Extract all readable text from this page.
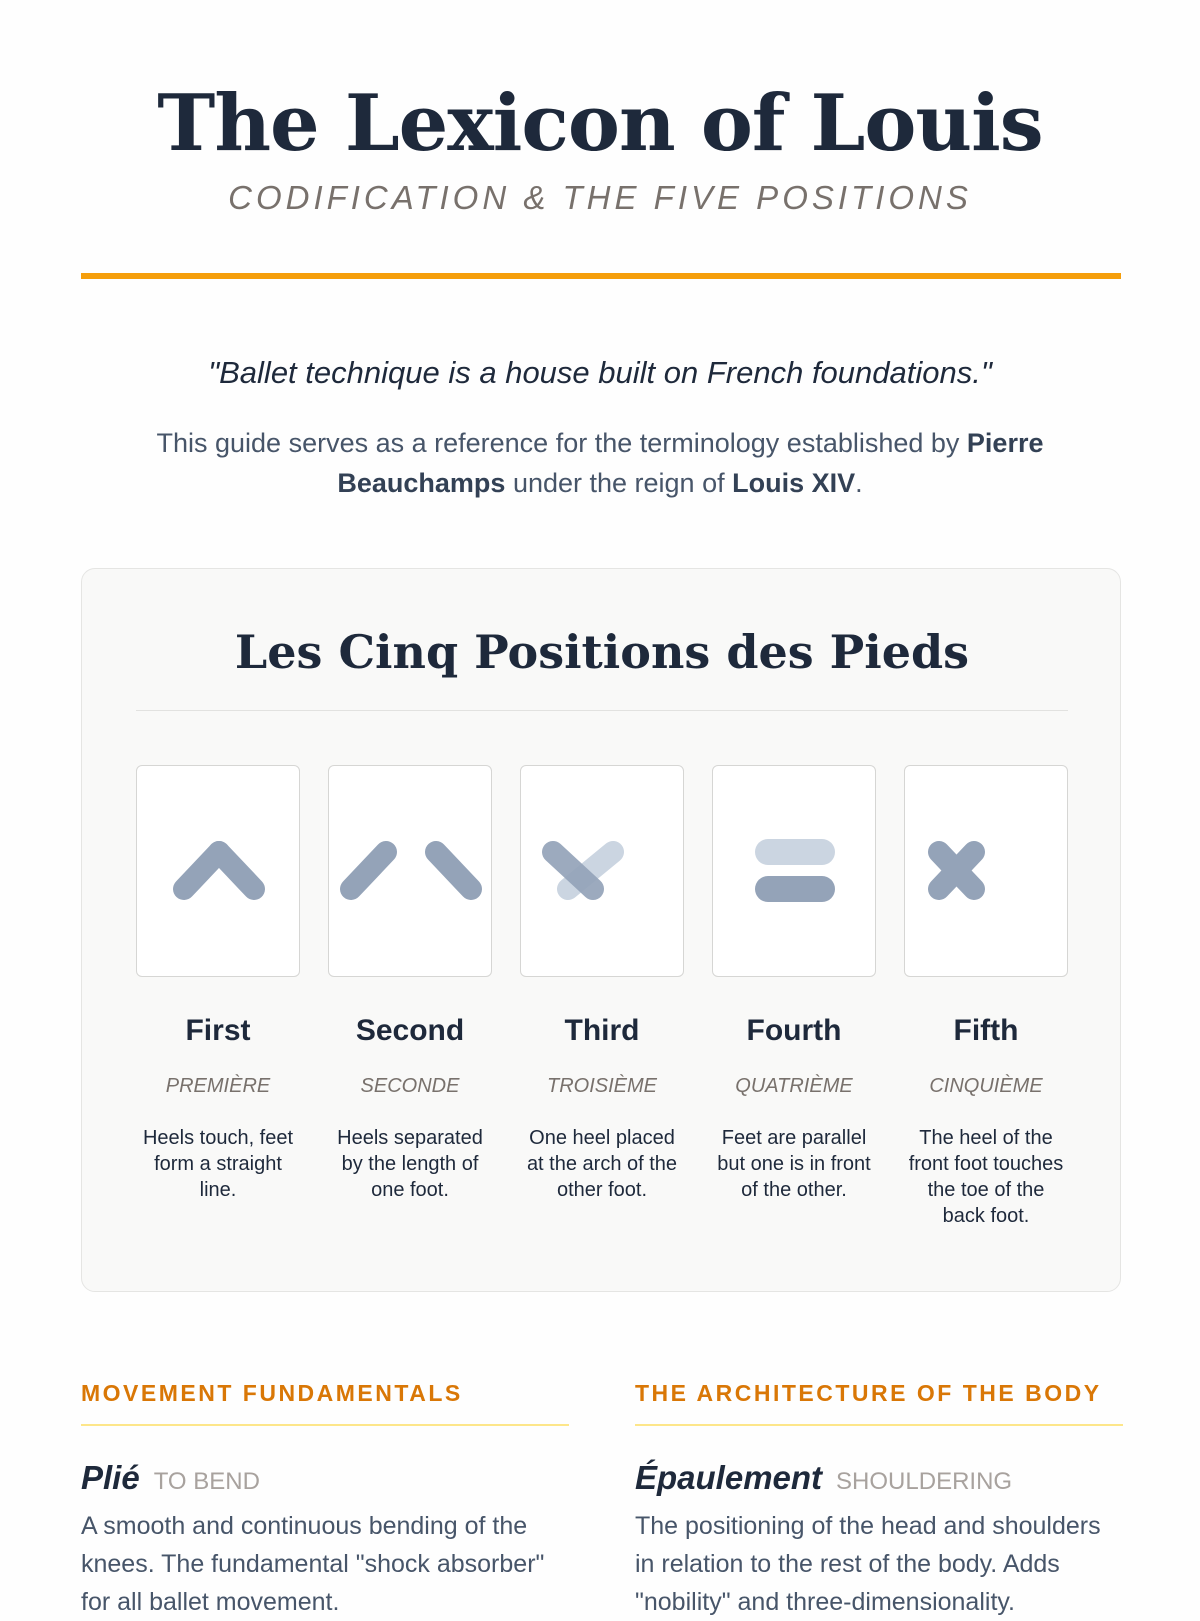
The Lexicon of Louis
CODIFICATION & THE FIVE POSITIONS
"Ballet technique is a house built on French foundations."

This guide serves as a reference for the terminology established by Pierre Beauchamps under the reign of Louis XIV.

Les Cinq Positions des Pieds
First
PREMIÈRE
Heels touch, feet form a straight line.
Second
SECONDE
Heels separated by the length of one foot.
Third
TROISIÈME
One heel placed at the arch of the other foot.
Fourth
QUATRIÈME
Feet are parallel but one is in front of the other.
Fifth
CINQUIÈME
The heel of the front foot touches the toe of the back foot.
MOVEMENT FUNDAMENTALS
Plié TO BEND

A smooth and continuous bending of the knees. The fundamental "shock absorber" for all ballet movement.

THE ARCHITECTURE OF THE BODY
Épaulement SHOULDERING

The positioning of the head and shoulders in relation to the rest of the body. Adds "nobility" and three-dimensionality.
